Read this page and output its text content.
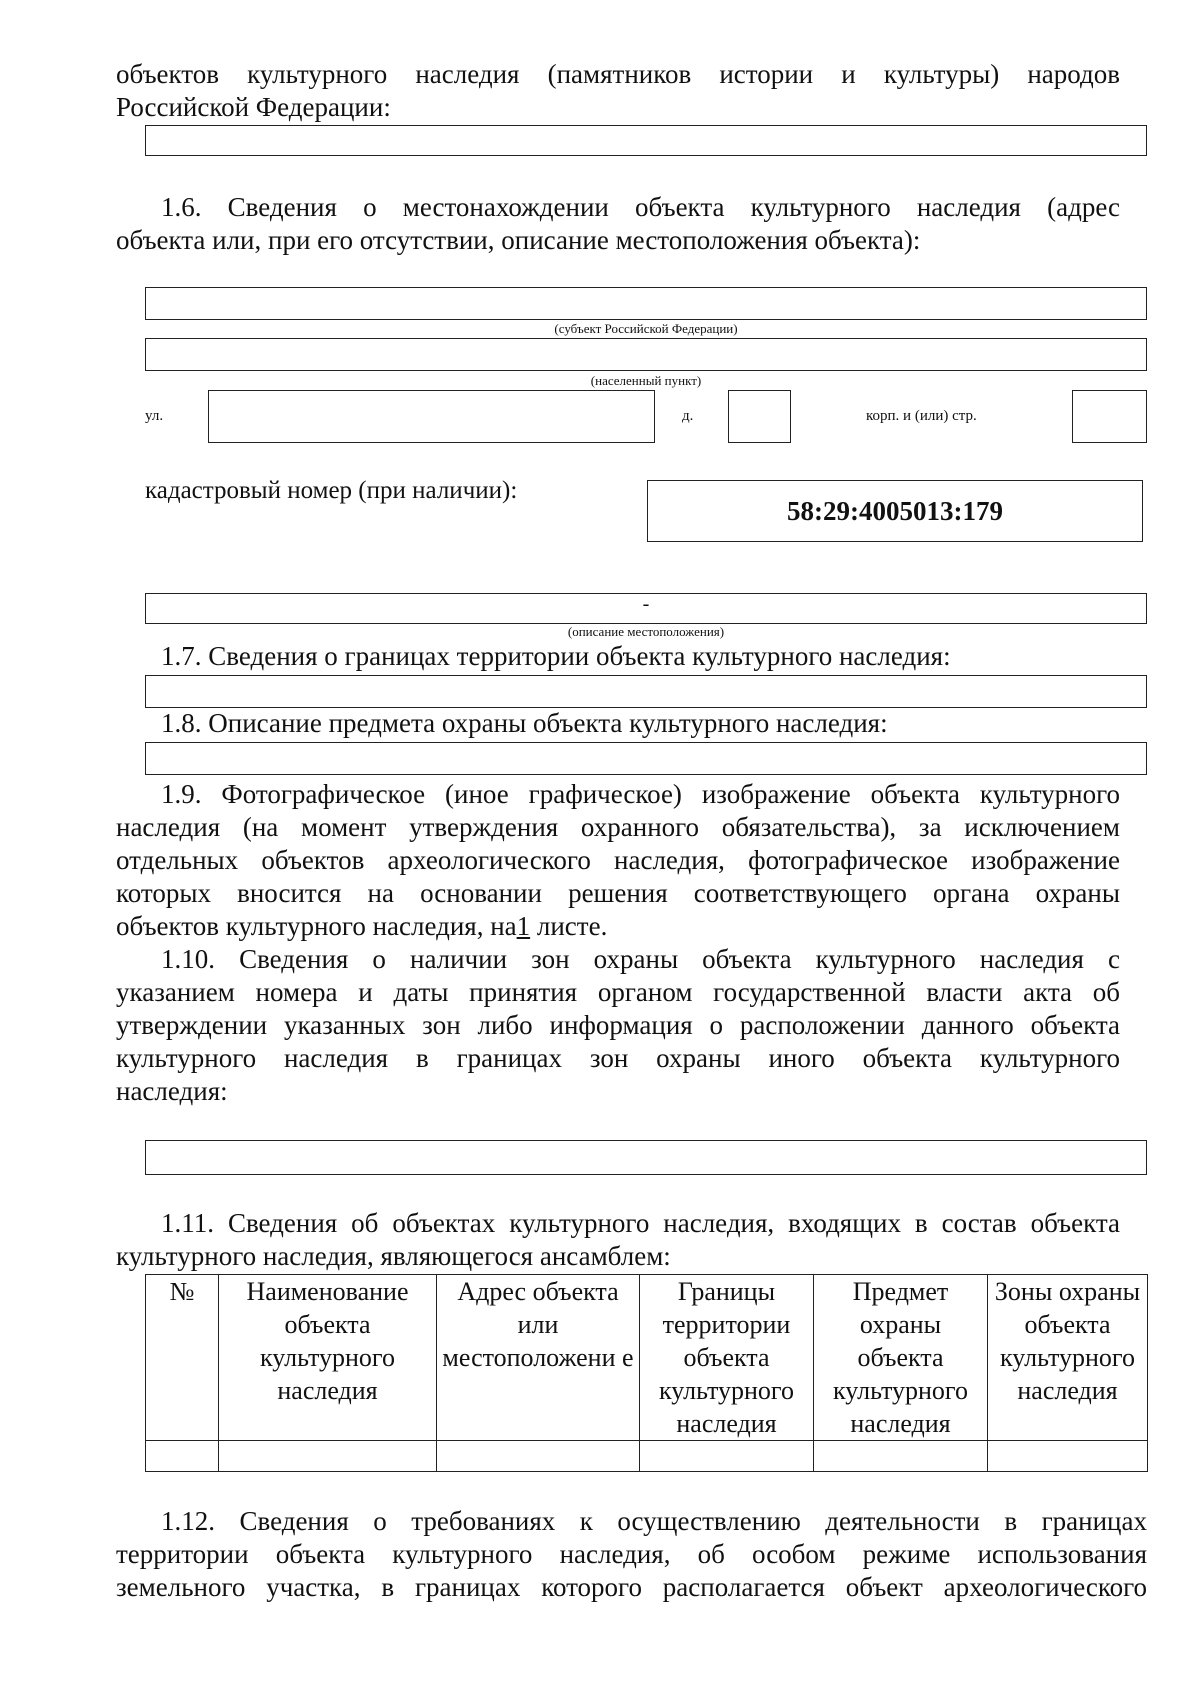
объектов культурного наследия (памятников истории и культуры) народов
Российской Федерации:
1.6. Сведения о местонахождении объекта культурного наследия (адрес
объекта или, при его отсутствии, описание местоположения объекта):
(субъект Российской Федерации)
(населенный пункт)
ул.	д.	корп. и (или) стр.
кадастровый номер (при наличии):
58:29:4005013:179
-
(описание местоположения)
1.7. Сведения о границах территории объекта культурного наследия:
1.8. Описание предмета охраны объекта культурного наследия:
1.9. Фотографическое (иное графическое) изображение объекта культурного
наследия (на момент утверждения охранного обязательства), за исключением
отдельных объектов археологического наследия, фотографическое изображение
которых вносится на основании решения соответствующего органа охраны
объектов культурного наследия, на1 листе.
1.10. Сведения о наличии зон охраны объекта культурного наследия с
указанием номера и даты принятия органом государственной власти акта об
утверждении указанных зон либо информация о расположении данного объекта
культурного наследия в границах зон охраны иного объекта культурного
наследия:
1.11. Сведения об объектах культурного наследия, входящих в состав объекта
культурного наследия, являющегося ансамблем:
№	Наименование объекта культурного наследия	Адрес объекта или местоположени е	Границы территории объекта культурного наследия	Предмет охраны объекта культурного наследия	Зоны охраны объекта культурного наследия

1.12. Сведения о требованиях к осуществлению деятельности в границах
территории объекта культурного наследия, об особом режиме использования
земельного участка, в границах которого располагается объект археологического
